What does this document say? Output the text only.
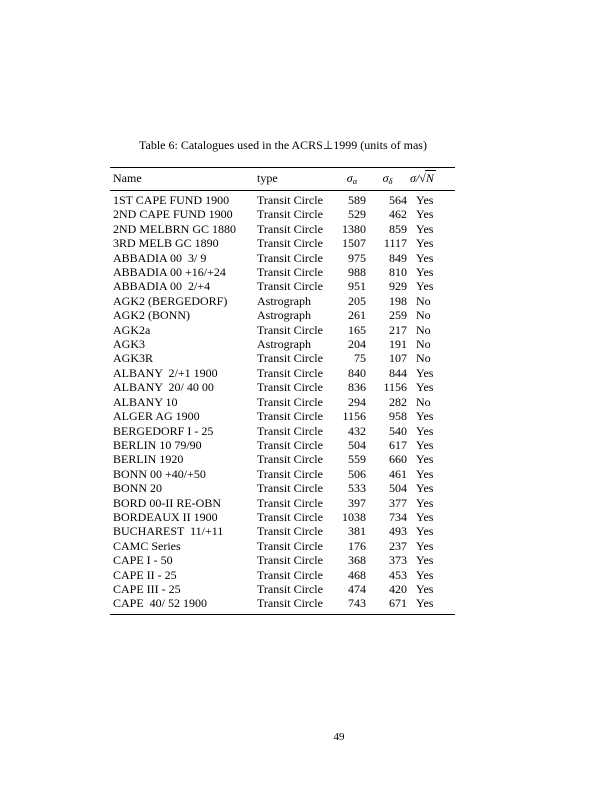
Table 6: Catalogues used in the ACRS⊥1999 (units of mas)
Name	type	$\sigma_\alpha$	$\sigma_\delta$	σ/√N
1ST CAPE FUND 1900	Transit Circle	589	564	Yes
2ND CAPE FUND 1900	Transit Circle	529	462	Yes
2ND MELBRN GC 1880	Transit Circle	1380	859	Yes
3RD MELB GC 1890	Transit Circle	1507	1117	Yes
ABBADIA 00  3/ 9	Transit Circle	975	849	Yes
ABBADIA 00 +16/+24	Transit Circle	988	810	Yes
ABBADIA 00  2/+4	Transit Circle	951	929	Yes
AGK2 (BERGEDORF)	Astrograph	205	198	No
AGK2 (BONN)	Astrograph	261	259	No
AGK2a	Transit Circle	165	217	No
AGK3	Astrograph	204	191	No
AGK3R	Transit Circle	75	107	No
ALBANY  2/+1 1900	Transit Circle	840	844	Yes
ALBANY  20/ 40 00	Transit Circle	836	1156	Yes
ALBANY 10	Transit Circle	294	282	No
ALGER AG 1900	Transit Circle	1156	958	Yes
BERGEDORF I - 25	Transit Circle	432	540	Yes
BERLIN 10 79/90	Transit Circle	504	617	Yes
BERLIN 1920	Transit Circle	559	660	Yes
BONN 00 +40/+50	Transit Circle	506	461	Yes
BONN 20	Transit Circle	533	504	Yes
BORD 00-II RE-OBN	Transit Circle	397	377	Yes
BORDEAUX II 1900	Transit Circle	1038	734	Yes
BUCHAREST  11/+11	Transit Circle	381	493	Yes
CAMC Series	Transit Circle	176	237	Yes
CAPE I - 50	Transit Circle	368	373	Yes
CAPE II - 25	Transit Circle	468	453	Yes
CAPE III - 25	Transit Circle	474	420	Yes
CAPE  40/ 52 1900	Transit Circle	743	671	Yes
49
